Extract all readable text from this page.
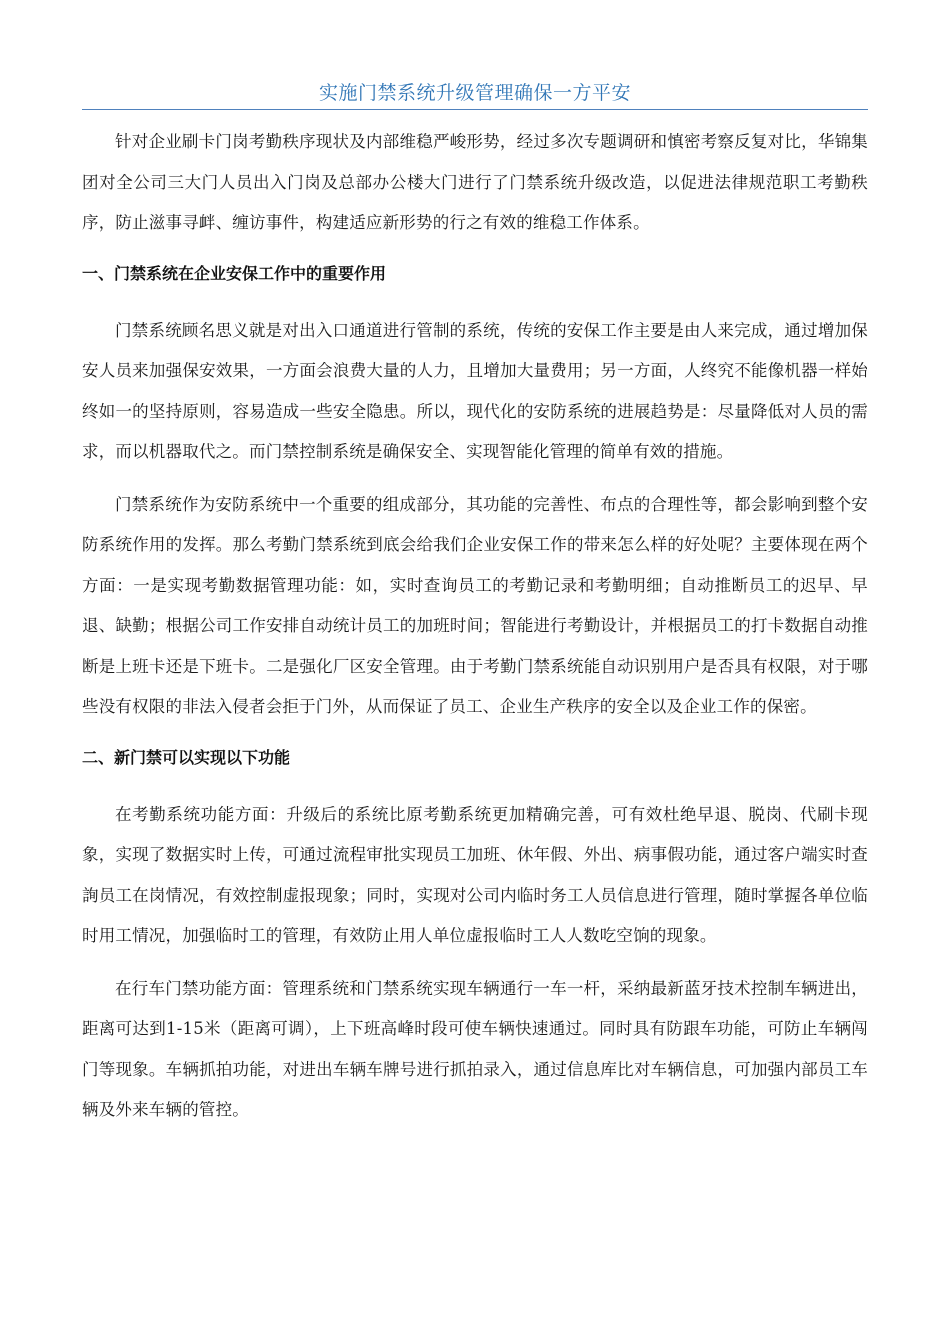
实施门禁系统升级管理确保一方平安

针对企业刷卡门岗考勤秩序现状及内部维稳严峻形势，经过多次专题调研和慎密考察反复对比，华锦集团对全公司三大门人员出入门岗及总部办公楼大门进行了门禁系统升级改造，以促进法律规范职工考勤秩序，防止滋事寻衅、缠访事件，构建适应新形势的行之有效的维稳工作体系。

一、门禁系统在企业安保工作中的重要作用

门禁系统顾名思义就是对出入口通道进行管制的系统，传统的安保工作主要是由人来完成，通过增加保安人员来加强保安效果，一方面会浪费大量的人力，且增加大量费用；另一方面，人终究不能像机器一样始终如一的坚持原则，容易造成一些安全隐患。所以，现代化的安防系统的进展趋势是：尽量降低对人员的需求，而以机器取代之。而门禁控制系统是确保安全、实现智能化管理的简单有效的措施。

门禁系统作为安防系统中一个重要的组成部分，其功能的完善性、布点的合理性等，都会影响到整个安防系统作用的发挥。那么考勤门禁系统到底会给我们企业安保工作的带来怎么样的好处呢？主要体现在两个方面：一是实现考勤数据管理功能：如，实时查询员工的考勤记录和考勤明细；自动推断员工的迟早、早退、缺勤；根据公司工作安排自动统计员工的加班时间；智能进行考勤设计，并根据员工的打卡数据自动推断是上班卡还是下班卡。二是强化厂区安全管理。由于考勤门禁系统能自动识别用户是否具有权限，对于哪些没有权限的非法入侵者会拒于门外，从而保证了员工、企业生产秩序的安全以及企业工作的保密。

二、新门禁可以实现以下功能

在考勤系统功能方面：升级后的系统比原考勤系统更加精确完善，可有效杜绝早退、脱岗、代刷卡现象，实现了数据实时上传，可通过流程审批实现员工加班、休年假、外出、病事假功能，通过客户端实时查詢员工在岗情况，有效控制虚报现象；同时，实现对公司内临时务工人员信息进行管理，随时掌握各单位临时用工情况，加强临时工的管理，有效防止用人单位虚报临时工人人数吃空饷的现象。

在行车门禁功能方面：管理系统和门禁系统实现车辆通行一车一杆，采纳最新蓝牙技术控制车辆进出，距离可达到1-15米（距离可调），上下班高峰时段可使车辆快速通过。同时具有防跟车功能，可防止车辆闯门等现象。车辆抓拍功能，对进出车辆车牌号进行抓拍录入，通过信息库比对车辆信息，可加强内部员工车辆及外来车辆的管控。
